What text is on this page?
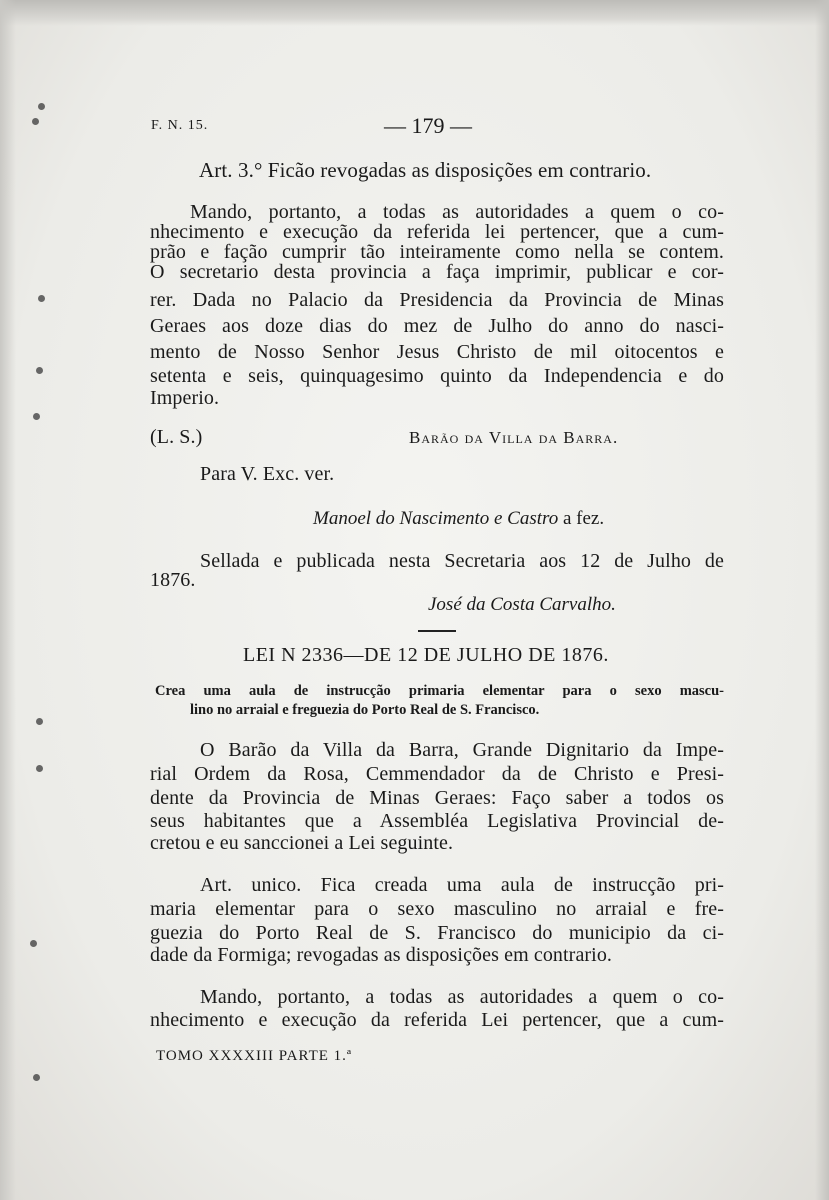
F. N. 15.	— 179 —
Art. 3.° Ficão revogadas as disposições em contrario.
Mando, portanto, a todas as autoridades a quem o co-
nhecimento e execução da referida lei pertencer, que a cum-
prão e fação cumprir tão inteiramente como nella se contem.
O secretario desta provincia a faça imprimir, publicar e cor-
rer. Dada no Palacio da Presidencia da Provincia de Minas
Geraes aos doze dias do mez de Julho do anno do nasci-
mento de Nosso Senhor Jesus Christo de mil oitocentos e
setenta e seis, quinquagesimo quinto da Independencia e do
Imperio.
(L. S.)	Barão da Villa da Barra.
Para V. Exc. ver.
Manoel do Nascimento e Castro a fez.
Sellada e publicada nesta Secretaria aos 12 de Julho de
1876.
José da Costa Carvalho.
LEI N 2336—DE 12 DE JULHO DE 1876.
Crea uma aula de instrucção primaria elementar para o sexo mascu-
lino no arraial e freguezia do Porto Real de S. Francisco.
O Barão da Villa da Barra, Grande Dignitario da Impe-
rial Ordem da Rosa, Cemmendador da de Christo e Presi-
dente da Provincia de Minas Geraes: Faço saber a todos os
seus habitantes que a Assembléa Legislativa Provincial de-
cretou e eu sanccionei a Lei seguinte.
Art. unico. Fica creada uma aula de instrucção pri-
maria elementar para o sexo masculino no arraial e fre-
guezia do Porto Real de S. Francisco do municipio da ci-
dade da Formiga; revogadas as disposições em contrario.
Mando, portanto, a todas as autoridades a quem o co-
nhecimento e execução da referida Lei pertencer, que a cum-
TOMO XXXXIII PARTE 1.ª
